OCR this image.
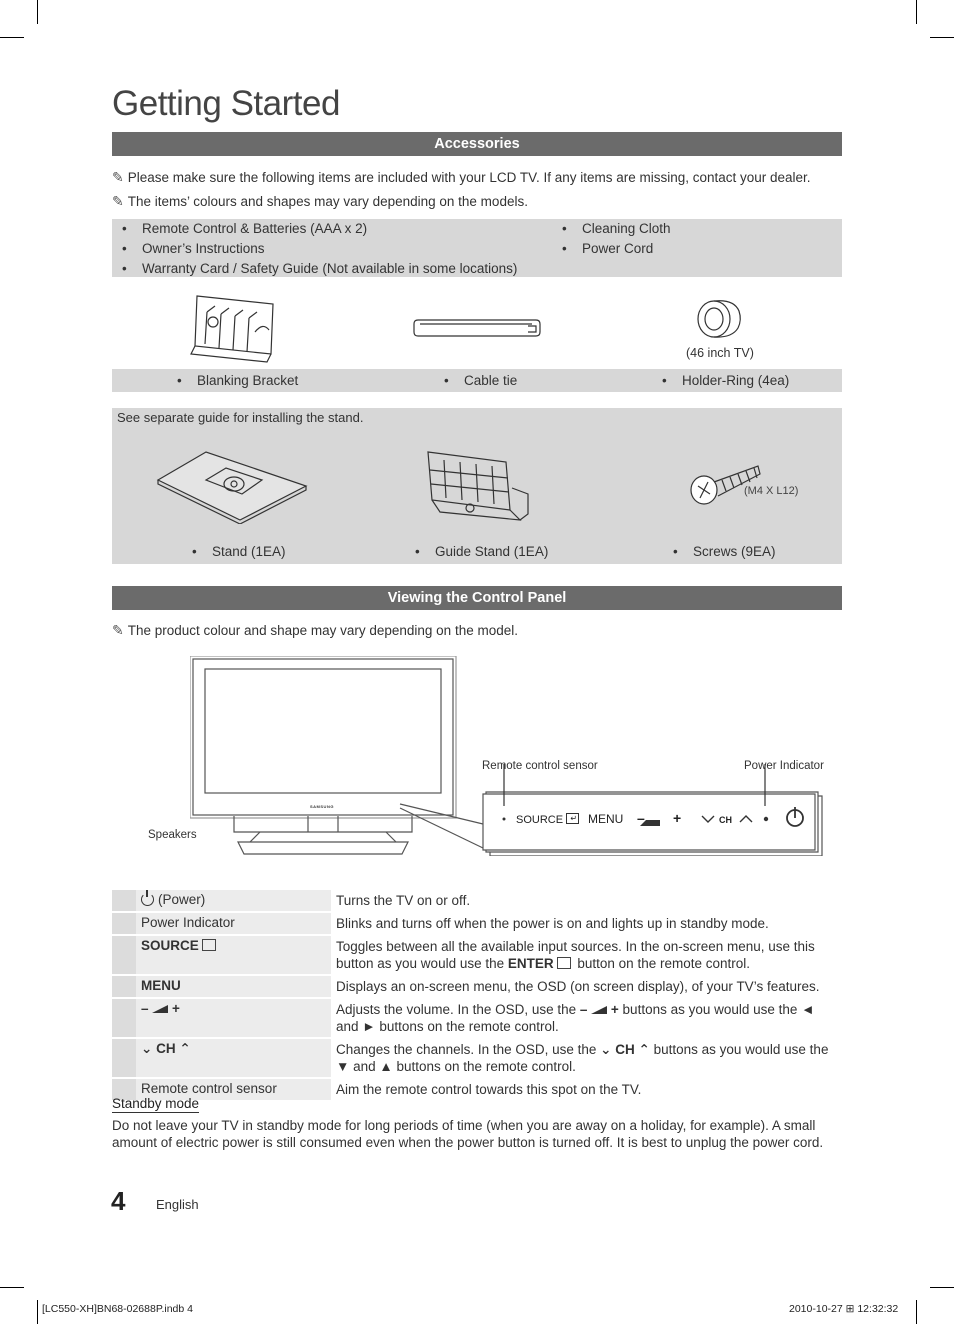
Getting Started
Accessories
✎ Please make sure the following items are included with your LCD TV. If any items are missing, contact your dealer.
✎ The items’ colours and shapes may vary depending on the models.
• Remote Control & Batteries (AAA x 2)
• Owner’s Instructions
• Warranty Card / Safety Guide (Not available in some locations)
• Cleaning Cloth
• Power Cord
(46 inch TV)
• Blanking Bracket	• Cable tie	• Holder-Ring (4ea)
See separate guide for installing the stand.
(M4 X L12)
• Stand (1EA)	• Guide Stand (1EA)	• Screws (9EA)
Viewing the Control Panel
✎ The product colour and shape may vary depending on the model.
SAMSUNG
Speakers
Remote control sensor	Power Indicator
SOURCE ↵ MENU – +	CH

(Power)	Turns the TV on or off.
	Power Indicator	Blinks and turns off when the power is on and lights up in standby mode.
	SOURCE	Toggles between all the available input sources. In the on-screen menu, use this button as you would use the ENTER button on the remote control.
	MENU	Displays an on-screen menu, the OSD (on screen display), of your TV’s features.
	–  +	Adjusts the volume. In the OSD, use the –  + buttons as you would use the ◄ and ► buttons on the remote control.
	⌄ CH ⌃	Changes the channels. In the OSD, use the ⌄ CH ⌃ buttons as you would use the ▼ and ▲ buttons on the remote control.
	Remote control sensor	Aim the remote control towards this spot on the TV.
Standby mode
Do not leave your TV in standby mode for long periods of time (when you are away on a holiday, for example). A small amount of electric power is still consumed even when the power button is turned off. It is best to unplug the power cord.
4 English
[LC550-XH]BN68-02688P.indb 4	2010-10-27 ⊞ 12:32:32
